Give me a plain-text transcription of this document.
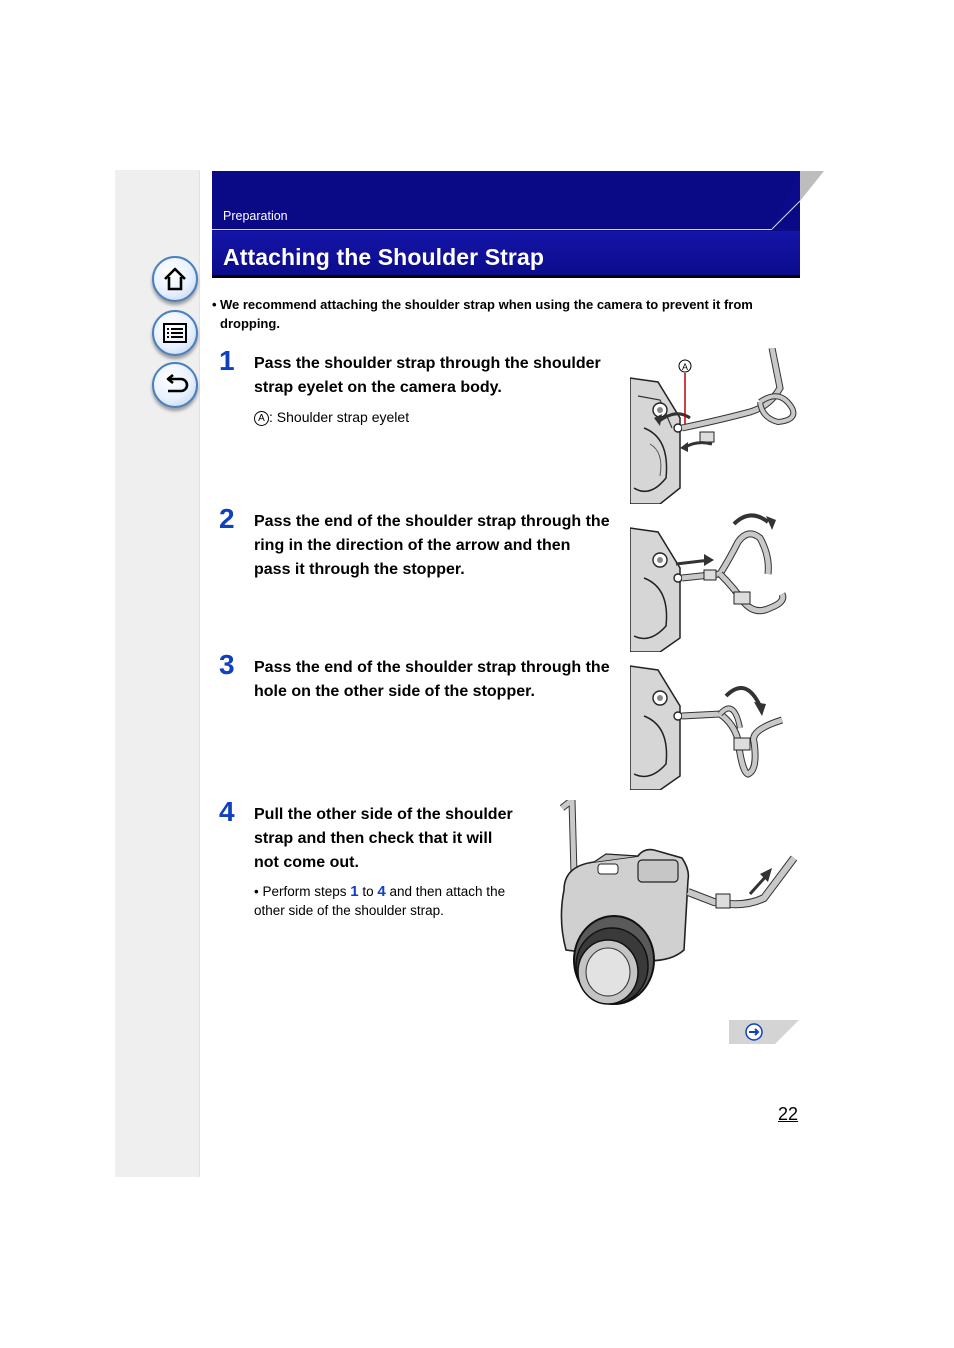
Preparation
Attaching the Shoulder Strap
• We recommend attaching the shoulder strap when using the camera to prevent it from dropping.
1 Pass the shoulder strap through the shoulder
strap eyelet on the camera body.
A : Shoulder strap eyelet
2 Pass the end of the shoulder strap through the
ring in the direction of the arrow and then
pass it through the stopper.
3 Pass the end of the shoulder strap through the
hole on the other side of the stopper.
4 Pull the other side of the shoulder
strap and then check that it will
not come out.
• Perform steps 1 to 4 and then attach the other side of the shoulder strap.
A
22
